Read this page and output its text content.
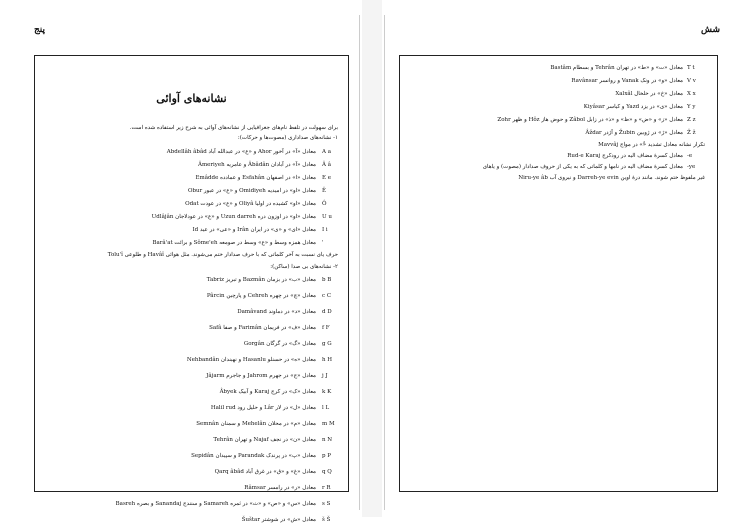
پنج
نشانه‌های آوائی
برای سهولت در تلفظ نام‌های جغرافیایی از نشانه‌های آوائی به شرح زیر استفاده شده است.
۱- نشانه‌های صداداری (مصوت‌ها و حرکات):
A a
معادل «آ» در آخور Ahor و «ع» در عبدالله آباد Abdellâh âbâd
Â â
معادل «آ» در آبادان Âbâdân و عامریه Âmeriyeh
E e
معادل «ا» در اصفهان Esfahân و عمادده Emâdde
Ê
معادل «او» در امیدیه Omidiyeh و «ع» در عبور Obur
Ô
معادل «او» کشیده در اولیا Oliyâ و «ع» در عودت Odat
U u
معادل «او» در اوزون دره Uzun darreh و «ع» در عودلاجان Udlâjân
I i
معادل «ای» و «ی» در ایران Irân و «عی» در عید Id
'
معادل همزه وسط و «ع» وسط در صومعه Sôme'eh و برائت Barâ'at
حرف یای نسبت به آخر کلماتی که با حرف صدادار ختم می‌شوند. مثل هوائی Havâî و طلوعی Tolu'î
۲- نشانه‌های بی صدا (ساکن):
b B
معادل «ب» در بزمان Bazmân و تبریز Tabriz
c C
معادل «چ» در چهره Cehreh و پارچین Pârcin
d D
معادل «د» در دماوند Damâvand
f F
معادل «ف» در فریمان Farimân و صفا Safâ
g G
معادل «گ» در گرگان Gorgân
h H
معادل «ه» در حسنلو Hasanlu و نهبندان Nehbandân
j J
معادل «ج» در جهرم Jahrom و جاجرم Jâjarm
k K
معادل «ک» در کرج Karaj و آبیک Âbyek
l L
معادل «ل» در لار Lâr و حلیل رود Halil rud
m M
معادل «م» در محلان Mehelân و سمنان Semnân
n N
معادل «ن» در نجف Najaf و تهران Tehrân
p P
معادل «پ» در پرندک Parandak و سپیدان Sepidân
q Q
معادل «غ» و «ق» در غرق آباد Qarq âbâd
r R
معادل «ر» در رامسر Râmsar
s S
معادل «س» و «ص» و «ث» در ثمره Samareh و سنندج Sanandaj و بصره Basreh
š Š
معادل «ش» در شوشتر Šuštar
شش
T t
معادل «ت» و «ط» در تهران Tehrân و بسطام Bastâm
V v
معادل «و» در ونک Vanak و روانسر Ravânsar
X x
معادل «خ» در خلخال Xalxâl
Y y
معادل «ی» در یزد Yazd و کیاسر Kiyâsar
Z z
معادل «ز» و «ض» و «ظ» و «ذ» در زابل Zâbol و حوض هاز Hôz و ظهر Zohr
Ž ž
معادل «ژ» در ژوبین Žubin و آژدر Âždar
تکرار نشانه معادل تشدید «ّ» در مواج Mavvâj
-e
معادل کسرهٔ مضاف الیه در رودکرج Rud-e Karaj
-ye
معادل کسرهٔ مضاف الیه در نامها و کلماتی که به یکی از حروف صدادار (مصوت) و یاهای
غیر ملفوظ ختم شوند. مانند درهٔ اوین Darreh-ye evin و نیروی آب Niru-ye âb
